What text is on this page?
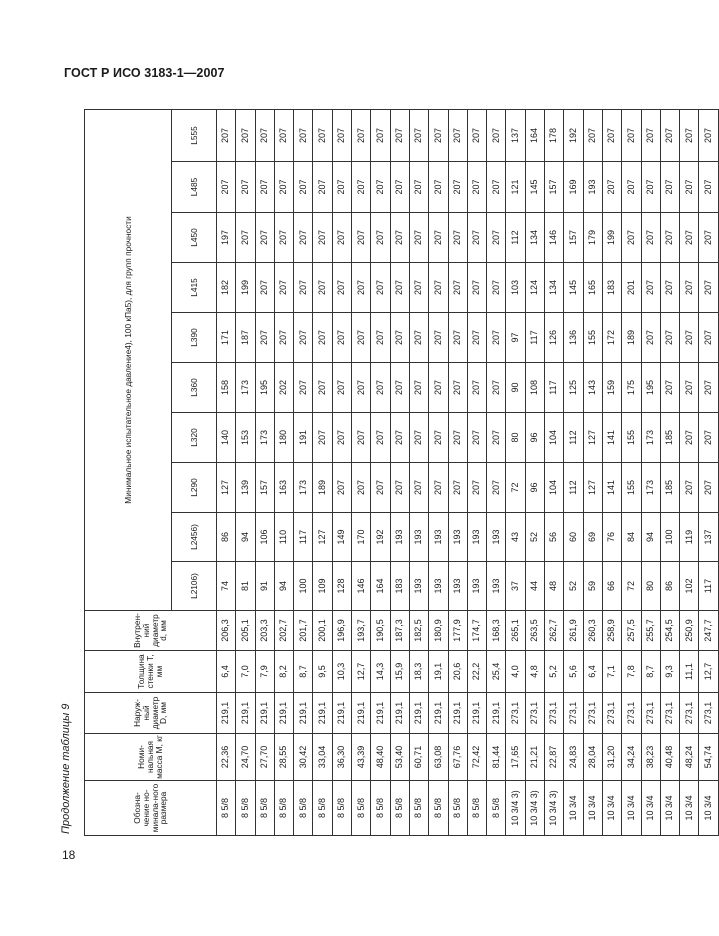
ГОСТ Р ИСО 3183-1—2007
Продолжение таблицы 9	Обозна-чение но-минала-ного размера	Номи-нальная масса M, кг	Наруж-ный диаметр D, мм	Толщина стенки T, мм	Внутрен-ний диаметр d, мм	Минимальное испытательное давление4), 100 кПа5), для групп прочности									
					L2106)	L2456)	L290	L320	L360	L390	L415	L450	L485	L555
8 5/8	22,36	219,1	6,4	206,3	74	86	127	140	158	171	182	197	207	207
8 5/8	24,70	219,1	7,0	205,1	81	94	139	153	173	187	199	207	207	207
8 5/8	27,70	219,1	7,9	203,3	91	106	157	173	195	207	207	207	207	207
8 5/8	28,55	219,1	8,2	202,7	94	110	163	180	202	207	207	207	207	207
8 5/8	30,42	219,1	8,7	201,7	100	117	173	191	207	207	207	207	207	207
8 5/8	33,04	219,1	9,5	200,1	109	127	189	207	207	207	207	207	207	207
8 5/8	36,30	219,1	10,3	196,9	128	149	207	207	207	207	207	207	207	207
8 5/8	43,39	219,1	12,7	193,7	146	170	207	207	207	207	207	207	207	207
8 5/8	48,40	219,1	14,3	190,5	164	192	207	207	207	207	207	207	207	207
8 5/8	53,40	219,1	15,9	187,3	183	193	207	207	207	207	207	207	207	207
8 5/8	60,71	219,1	18,3	182,5	193	193	207	207	207	207	207	207	207	207
8 5/8	63,08	219,1	19,1	180,9	193	193	207	207	207	207	207	207	207	207
8 5/8	67,76	219,1	20,6	177,9	193	193	207	207	207	207	207	207	207	207
8 5/8	72,42	219,1	22,2	174,7	193	193	207	207	207	207	207	207	207	207
8 5/8	81,44	219,1	25,4	168,3	193	193	207	207	207	207	207	207	207	207
10 3/4 3)	17,65	273,1	4,0	265,1	37	43	72	80	90	97	103	112	121	137
10 3/4 3)	21,21	273,1	4,8	263,5	44	52	96	96	108	117	124	134	145	164
10 3/4 3)	22,87	273,1	5,2	262,7	48	56	104	104	117	126	134	146	157	178
10 3/4	24,83	273,1	5,6	261,9	52	60	112	112	125	136	145	157	169	192
10 3/4	28,04	273,1	6,4	260,3	59	69	127	127	143	155	165	179	193	207
10 3/4	31,20	273,1	7,1	258,9	66	76	141	141	159	172	183	199	207	207
10 3/4	34,24	273,1	7,8	257,5	72	84	155	155	175	189	201	207	207	207
10 3/4	38,23	273,1	8,7	255,7	80	94	173	173	195	207	207	207	207	207
10 3/4	40,48	273,1	9,3	254,5	86	100	185	185	207	207	207	207	207	207
10 3/4	48,24	273,1	11,1	250,9	102	119	207	207	207	207	207	207	207	207
10 3/4	54,74	273,1	12,7	247,7	117	137	207	207	207	207	207	207	207	207
18
